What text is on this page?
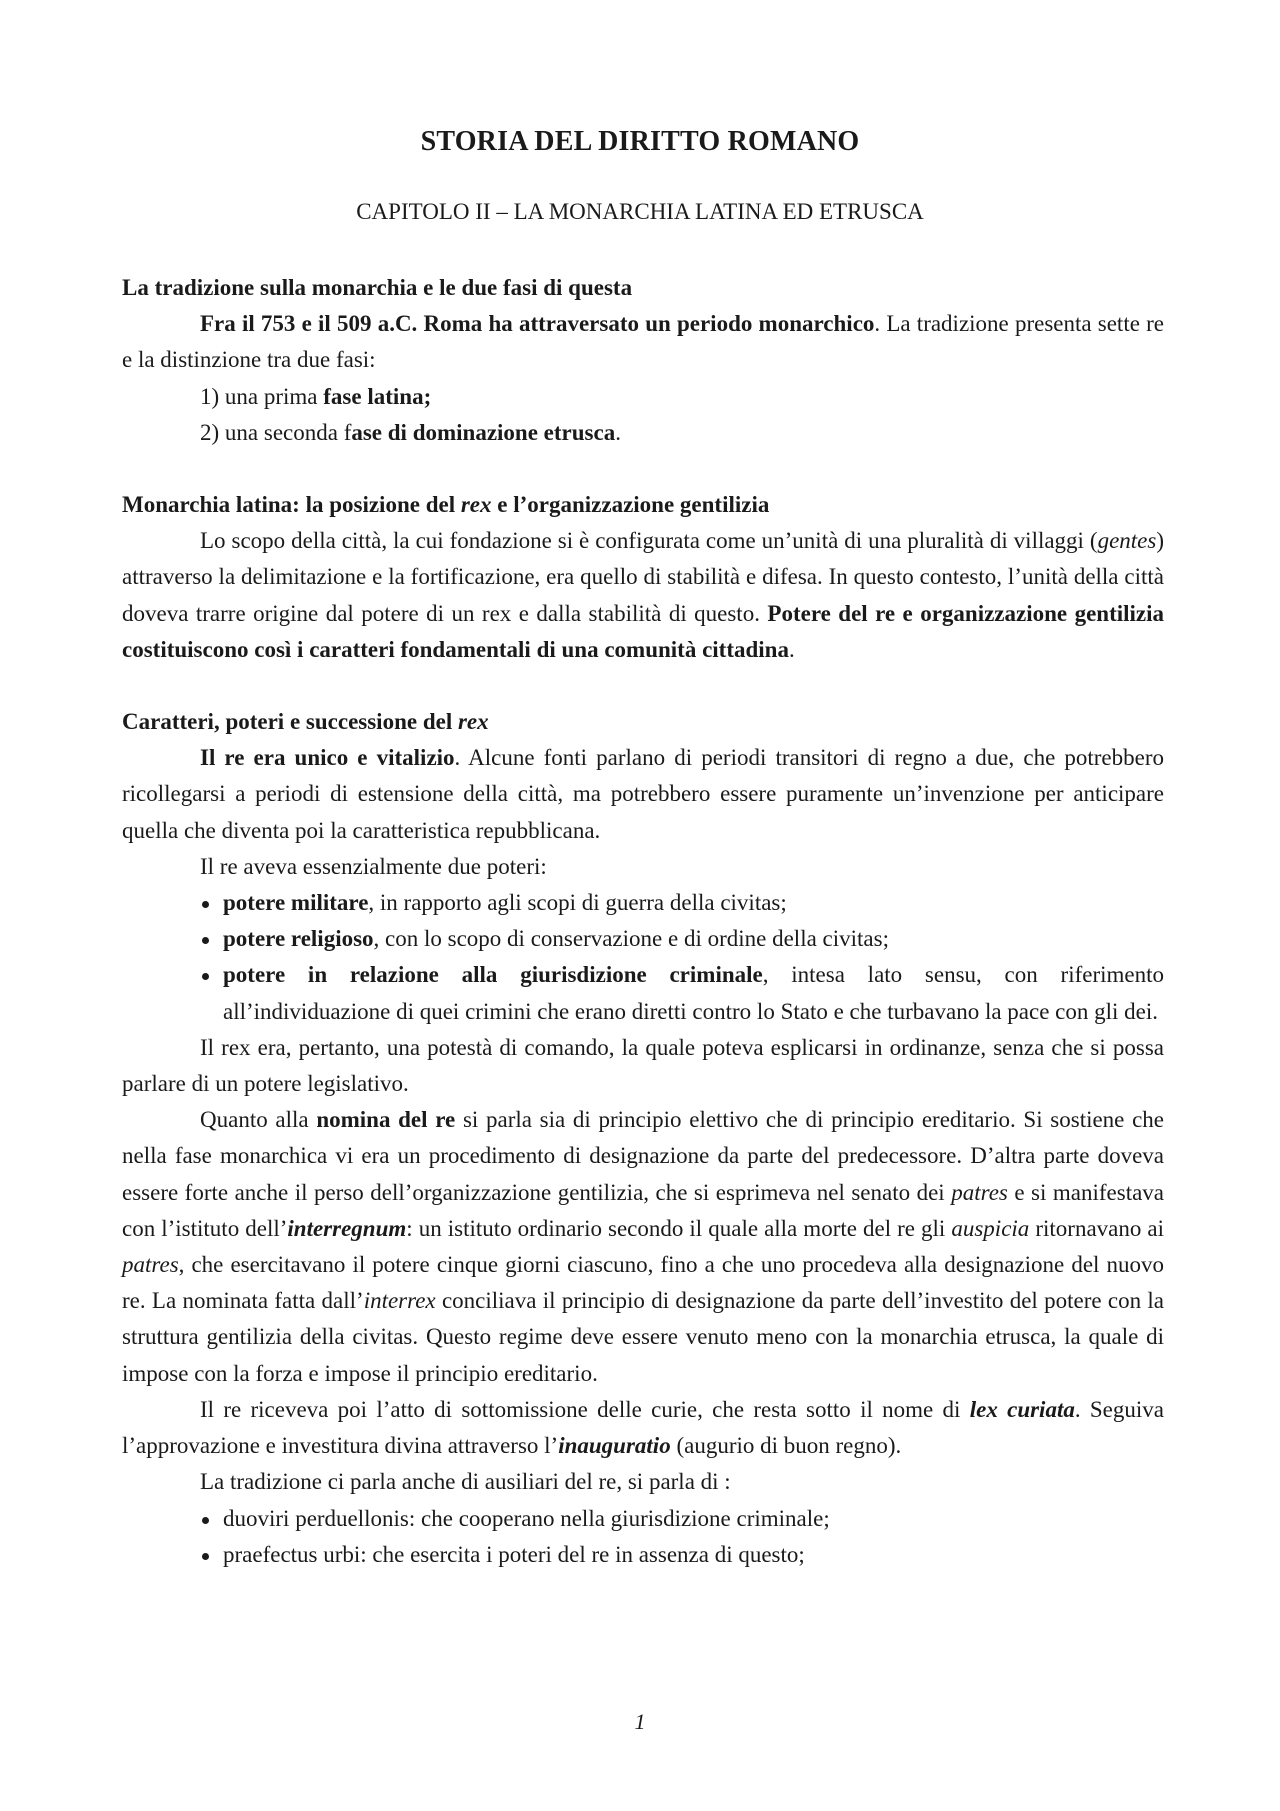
STORIA DEL DIRITTO ROMANO
CAPITOLO II – LA MONARCHIA LATINA ED ETRUSCA

La tradizione sulla monarchia e le due fasi di questa

Fra il 753 e il 509 a.C. Roma ha attraversato un periodo monarchico. La tradizione presenta sette re e la distinzione tra due fasi:

1) una prima fase latina;

2) una seconda fase di dominazione etrusca.

Monarchia latina: la posizione del rex e l’organizzazione gentilizia

Lo scopo della città, la cui fondazione si è configurata come un’unità di una pluralità di villaggi (gentes) attraverso la delimitazione e la fortificazione, era quello di stabilità e difesa. In questo contesto, l’unità della città doveva trarre origine dal potere di un rex e dalla stabilità di questo. Potere del re e organizzazione gentilizia costituiscono così i caratteri fondamentali di una comunità cittadina.

Caratteri, poteri e successione del rex

Il re era unico e vitalizio. Alcune fonti parlano di periodi transitori di regno a due, che potrebbero ricollegarsi a periodi di estensione della città, ma potrebbero essere puramente un’invenzione per anticipare quella che diventa poi la caratteristica repubblicana.

Il re aveva essenzialmente due poteri:

potere militare, in rapporto agli scopi di guerra della civitas;
potere religioso, con lo scopo di conservazione e di ordine della civitas;
potere in relazione alla giurisdizione criminale, intesa lato sensu, con riferimento all’individuazione di quei crimini che erano diretti contro lo Stato e che turbavano la pace con gli dei.

Il rex era, pertanto, una potestà di comando, la quale poteva esplicarsi in ordinanze, senza che si possa parlare di un potere legislativo.

Quanto alla nomina del re si parla sia di principio elettivo che di principio ereditario. Si sostiene che nella fase monarchica vi era un procedimento di designazione da parte del predecessore. D’altra parte doveva essere forte anche il perso dell’organizzazione gentilizia, che si esprimeva nel senato dei patres e si manifestava con l’istituto dell’interregnum: un istituto ordinario secondo il quale alla morte del re gli auspicia ritornavano ai patres, che esercitavano il potere cinque giorni ciascuno, fino a che uno procedeva alla designazione del nuovo re. La nominata fatta dall’interrex conciliava il principio di designazione da parte dell’investito del potere con la struttura gentilizia della civitas. Questo regime deve essere venuto meno con la monarchia etrusca, la quale di impose con la forza e impose il principio ereditario.

Il re riceveva poi l’atto di sottomissione delle curie, che resta sotto il nome di lex curiata. Seguiva l’approvazione e investitura divina attraverso l’inauguratio (augurio di buon regno).

La tradizione ci parla anche di ausiliari del re, si parla di :

duoviri perduellonis: che cooperano nella giurisdizione criminale;
praefectus urbi: che esercita i poteri del re in assenza di questo;
1
